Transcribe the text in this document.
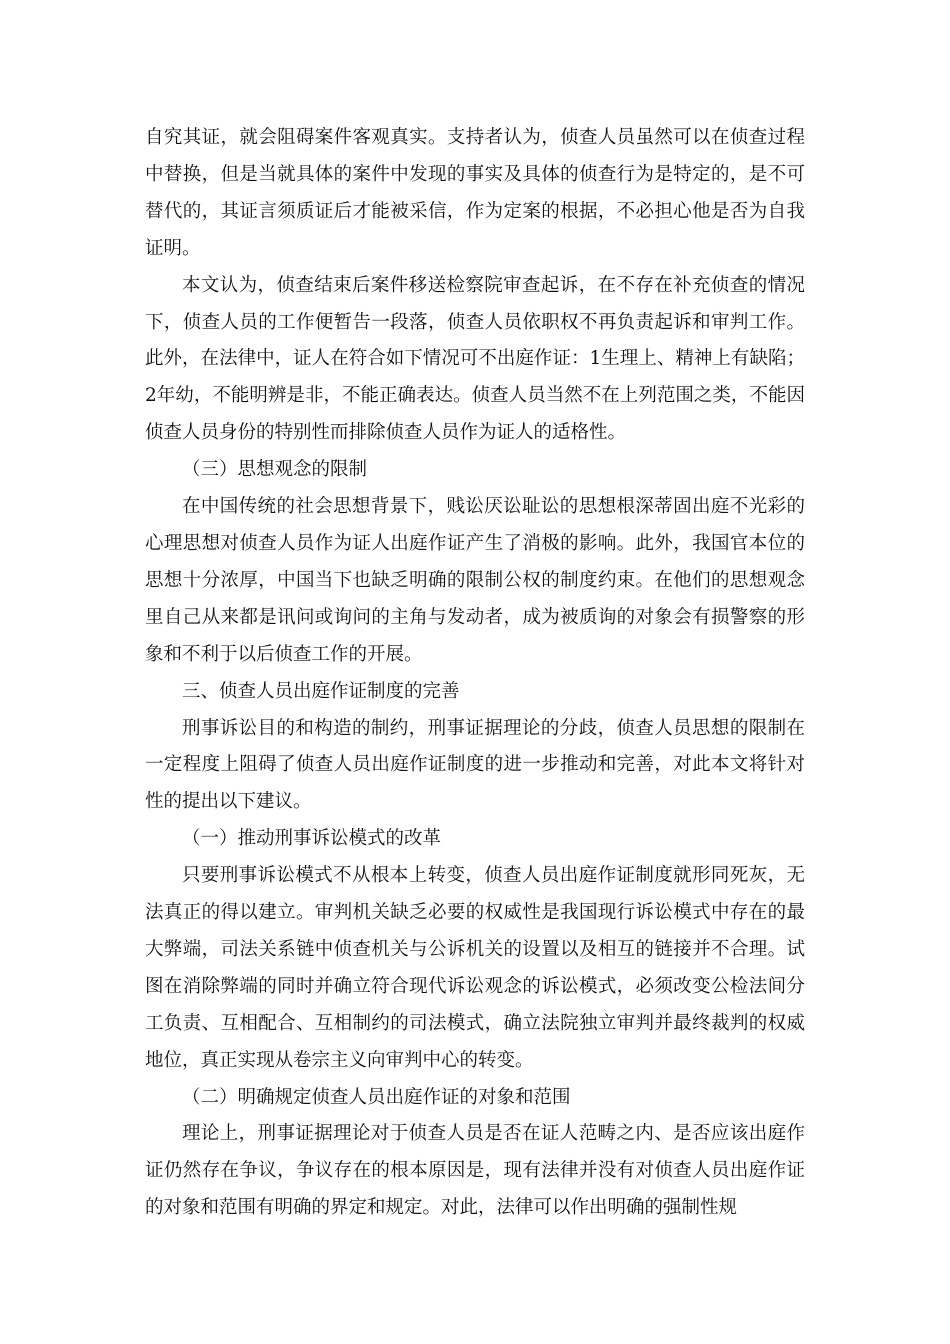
自究其证，就会阻碍案件客观真实。支持者认为，侦查人员虽然可以在侦查过程中替换，但是当就具体的案件中发现的事实及具体的侦查行为是特定的，是不可替代的，其证言须质证后才能被采信，作为定案的根据，不必担心他是否为自我证明。

本文认为，侦查结束后案件移送检察院审查起诉，在不存在补充侦查的情况下，侦查人员的工作便暂告一段落，侦查人员依职权不再负责起诉和审判工作。此外，在法律中，证人在符合如下情况可不出庭作证：1生理上、精神上有缺陷；2年幼，不能明辨是非，不能正确表达。侦查人员当然不在上列范围之类，不能因侦查人员身份的特别性而排除侦查人员作为证人的适格性。

（三）思想观念的限制

在中国传统的社会思想背景下，贱讼厌讼耻讼的思想根深蒂固出庭不光彩的心理思想对侦查人员作为证人出庭作证产生了消极的影响。此外，我国官本位的思想十分浓厚，中国当下也缺乏明确的限制公权的制度约束。在他们的思想观念里自己从来都是讯问或询问的主角与发动者，成为被质询的对象会有损警察的形象和不利于以后侦查工作的开展。

三、侦查人员出庭作证制度的完善

刑事诉讼目的和构造的制约，刑事证据理论的分歧，侦查人员思想的限制在一定程度上阻碍了侦查人员出庭作证制度的进一步推动和完善，对此本文将针对性的提出以下建议。

（一）推动刑事诉讼模式的改革

只要刑事诉讼模式不从根本上转变，侦查人员出庭作证制度就形同死灰，无法真正的得以建立。审判机关缺乏必要的权威性是我国现行诉讼模式中存在的最大弊端，司法关系链中侦查机关与公诉机关的设置以及相互的链接并不合理。试图在消除弊端的同时并确立符合现代诉讼观念的诉讼模式，必须改变公检法间分工负责、互相配合、互相制约的司法模式，确立法院独立审判并最终裁判的权威地位，真正实现从卷宗主义向审判中心的转变。

（二）明确规定侦查人员出庭作证的对象和范围

理论上，刑事证据理论对于侦查人员是否在证人范畴之内、是否应该出庭作证仍然存在争议，争议存在的根本原因是，现有法律并没有对侦查人员出庭作证的对象和范围有明确的界定和规定。对此，法律可以作出明确的强制性规
